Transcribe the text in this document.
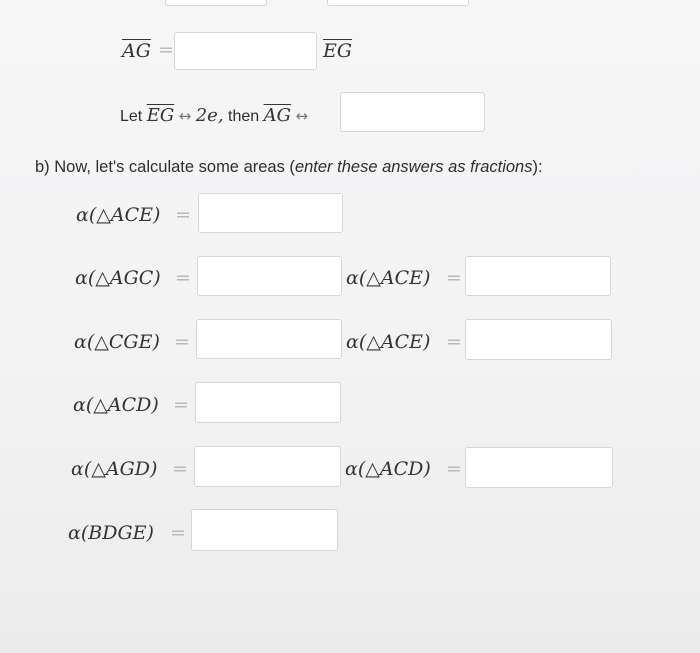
$\overline{AG}$ =	$\overline{EG}$
Let $\overline{EG}$ ↔ 2e, then $\overline{AG}$ ↔
b) Now, let's calculate some areas (enter these answers as fractions):
α(△ACE) =
α(△AGC) =	α(△ACE) =
α(△CGE) =	α(△ACE) =
α(△ACD) =
α(△AGD) =	α(△ACD) =
α(BDGE) =
